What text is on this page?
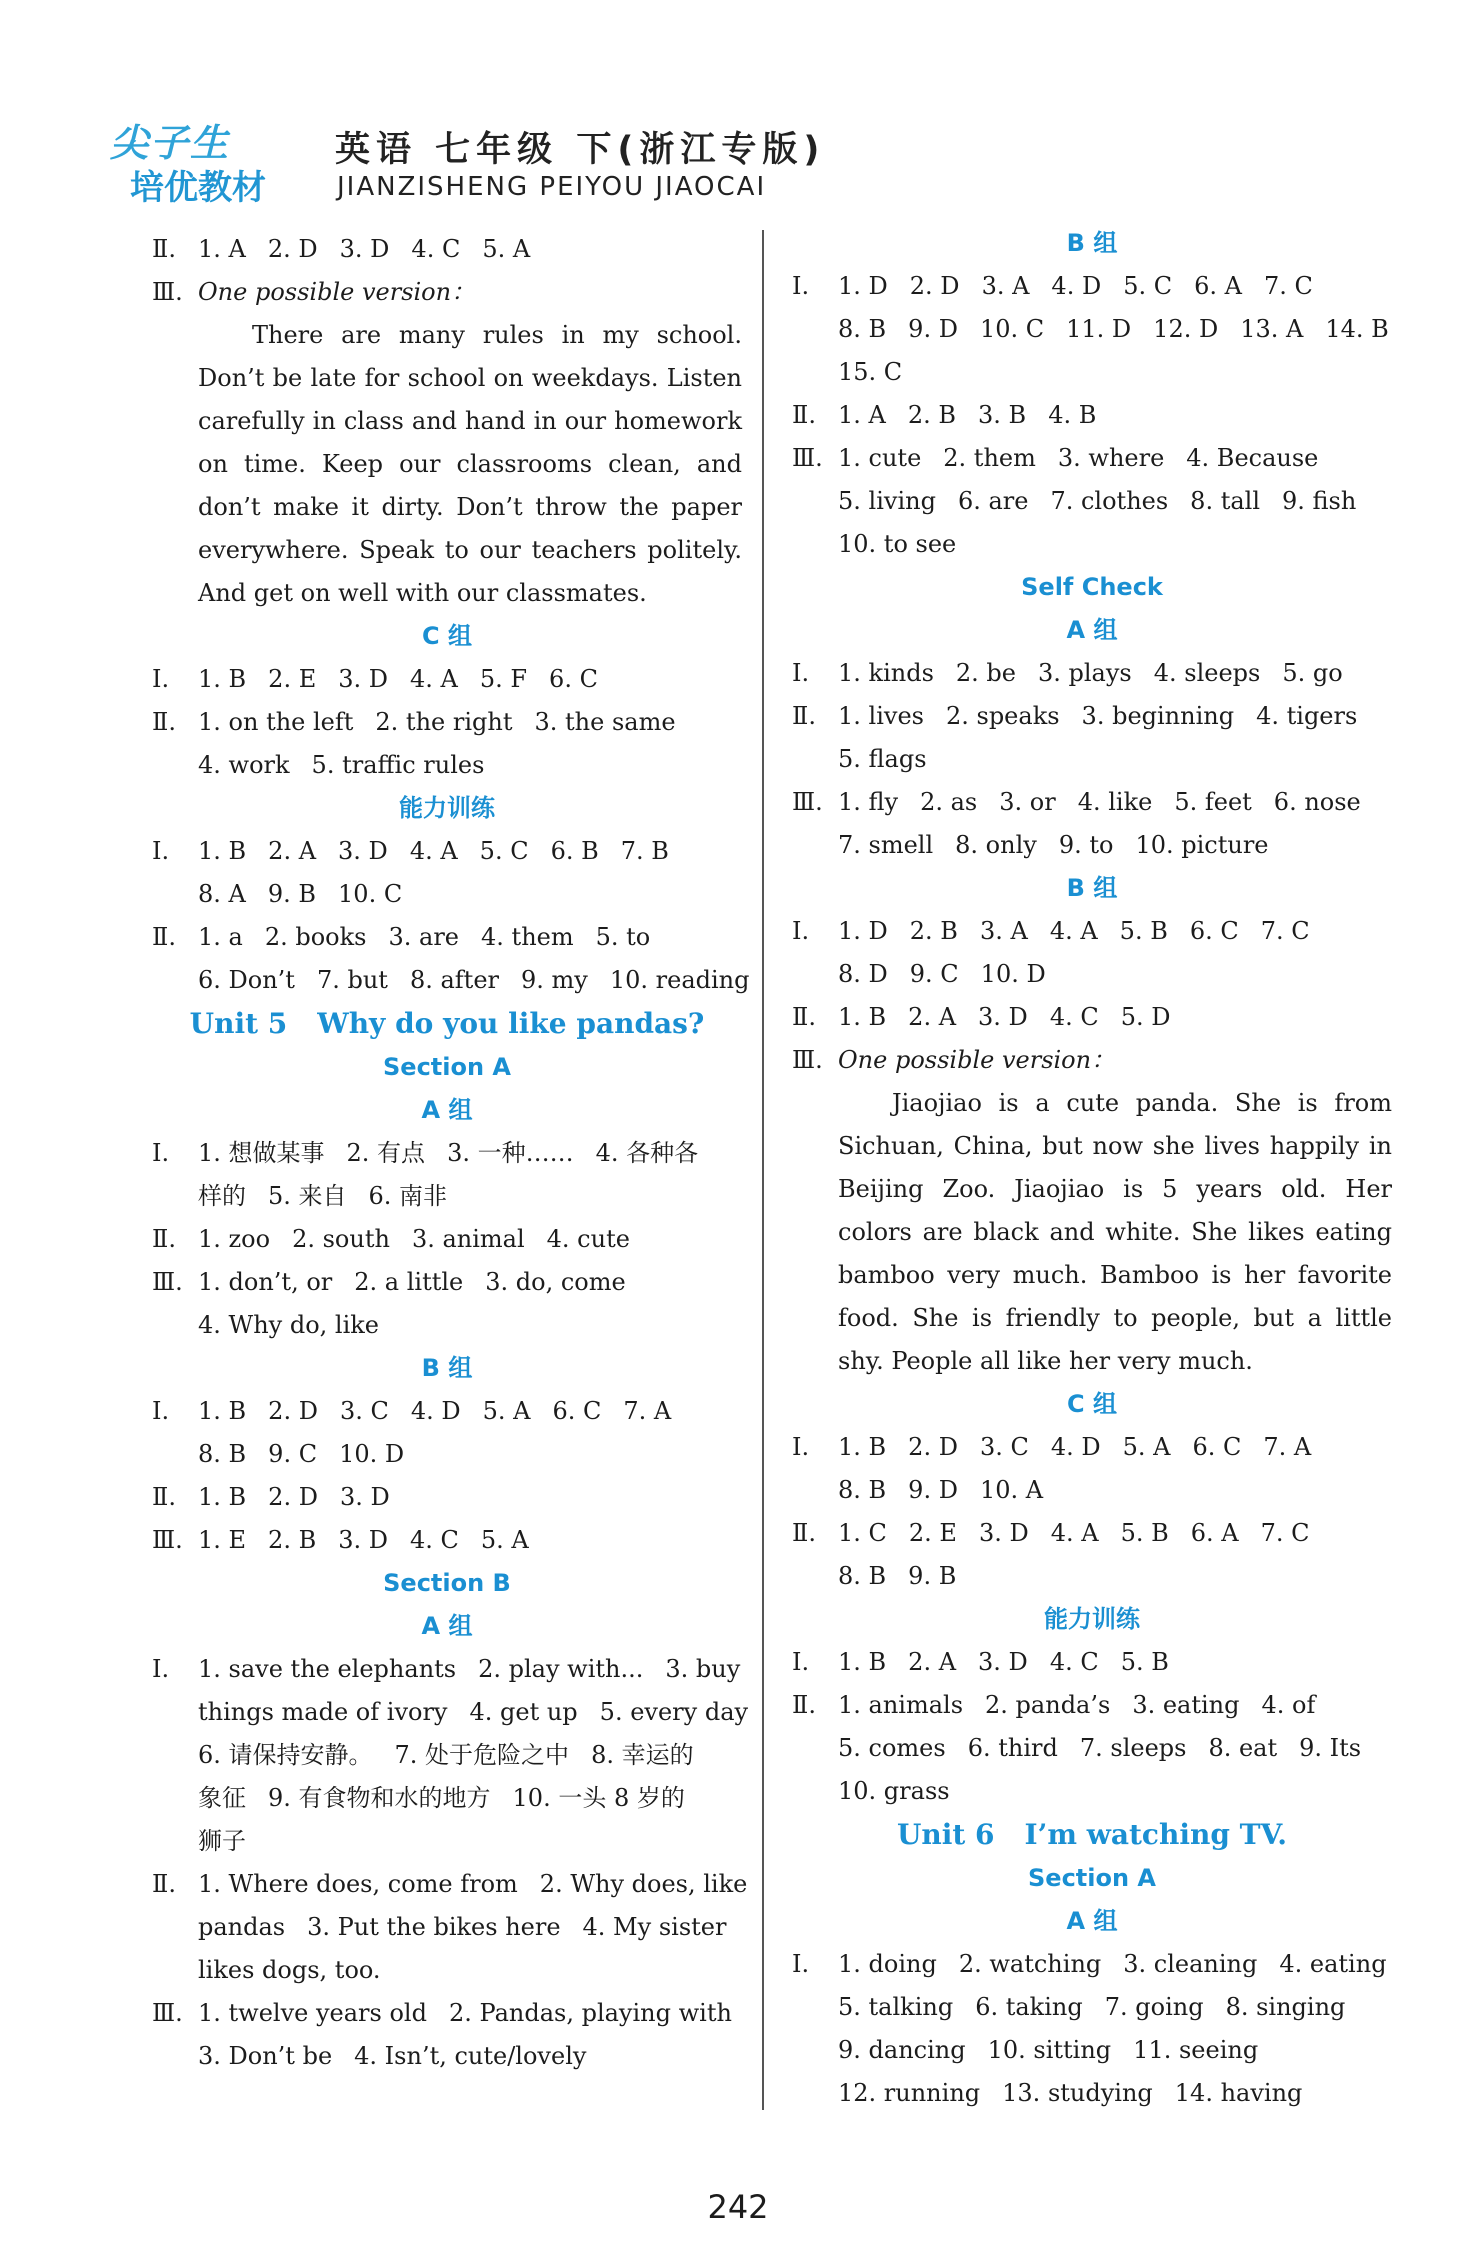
尖子生
培优教材
英语 七年级 下(浙江专版)
JIANZISHENG PEIYOU JIAOCAI
Ⅱ. 1. A 2. D 3. D 4. C 5. A
Ⅲ. One possible version：
There are many rules in my school. Don’t be late for school on weekdays. Listen carefully in class and hand in our homework on time. Keep our classrooms clean, and don’t make it dirty. Don’t throw the paper everywhere. Speak to our teachers politely. And get on well with our classmates.
C 组
Ⅰ. 1. B 2. E 3. D 4. A 5. F 6. C
Ⅱ. 1. on the left 2. the right 3. the same
4. work 5. traffic rules
能力训练
Ⅰ. 1. B 2. A 3. D 4. A 5. C 6. B 7. B
8. A 9. B 10. C
Ⅱ. 1. a 2. books 3. are 4. them 5. to
6. Don’t 7. but 8. after 9. my 10. reading
Unit 5 Why do you like pandas?
Section A
A 组
Ⅰ. 1. 想做某事 2. 有点 3. 一种…… 4. 各种各
样的 5. 来自 6. 南非
Ⅱ. 1. zoo 2. south 3. animal 4. cute
Ⅲ. 1. don’t, or 2. a little 3. do, come
4. Why do, like
B 组
Ⅰ. 1. B 2. D 3. C 4. D 5. A 6. C 7. A
8. B 9. C 10. D
Ⅱ. 1. B 2. D 3. D
Ⅲ. 1. E 2. B 3. D 4. C 5. A
Section B
A 组
Ⅰ. 1. save the elephants 2. play with... 3. buy
things made of ivory 4. get up 5. every day
6. 请保持安静。 7. 处于危险之中 8. 幸运的
象征 9. 有食物和水的地方 10. 一头 8 岁的
狮子
Ⅱ. 1. Where does, come from 2. Why does, like
pandas 3. Put the bikes here 4. My sister
likes dogs, too.
Ⅲ. 1. twelve years old 2. Pandas, playing with
3. Don’t be 4. Isn’t, cute/lovely
B 组
Ⅰ. 1. D 2. D 3. A 4. D 5. C 6. A 7. C
8. B 9. D 10. C 11. D 12. D 13. A 14. B
15. C
Ⅱ. 1. A 2. B 3. B 4. B
Ⅲ. 1. cute 2. them 3. where 4. Because
5. living 6. are 7. clothes 8. tall 9. fish
10. to see
Self Check
A 组
Ⅰ. 1. kinds 2. be 3. plays 4. sleeps 5. go
Ⅱ. 1. lives 2. speaks 3. beginning 4. tigers
5. flags
Ⅲ. 1. fly 2. as 3. or 4. like 5. feet 6. nose
7. smell 8. only 9. to 10. picture
B 组
Ⅰ. 1. D 2. B 3. A 4. A 5. B 6. C 7. C
8. D 9. C 10. D
Ⅱ. 1. B 2. A 3. D 4. C 5. D
Ⅲ. One possible version：
Jiaojiao is a cute panda. She is from Sichuan, China, but now she lives happily in Beijing Zoo. Jiaojiao is 5 years old. Her colors are black and white. She likes eating bamboo very much. Bamboo is her favorite food. She is friendly to people, but a little shy. People all like her very much.
C 组
Ⅰ. 1. B 2. D 3. C 4. D 5. A 6. C 7. A
8. B 9. D 10. A
Ⅱ. 1. C 2. E 3. D 4. A 5. B 6. A 7. C
8. B 9. B
能力训练
Ⅰ. 1. B 2. A 3. D 4. C 5. B
Ⅱ. 1. animals 2. panda’s 3. eating 4. of
5. comes 6. third 7. sleeps 8. eat 9. Its
10. grass
Unit 6 I’m watching TV.
Section A
A 组
Ⅰ. 1. doing 2. watching 3. cleaning 4. eating
5. talking 6. taking 7. going 8. singing
9. dancing 10. sitting 11. seeing
12. running 13. studying 14. having
242
